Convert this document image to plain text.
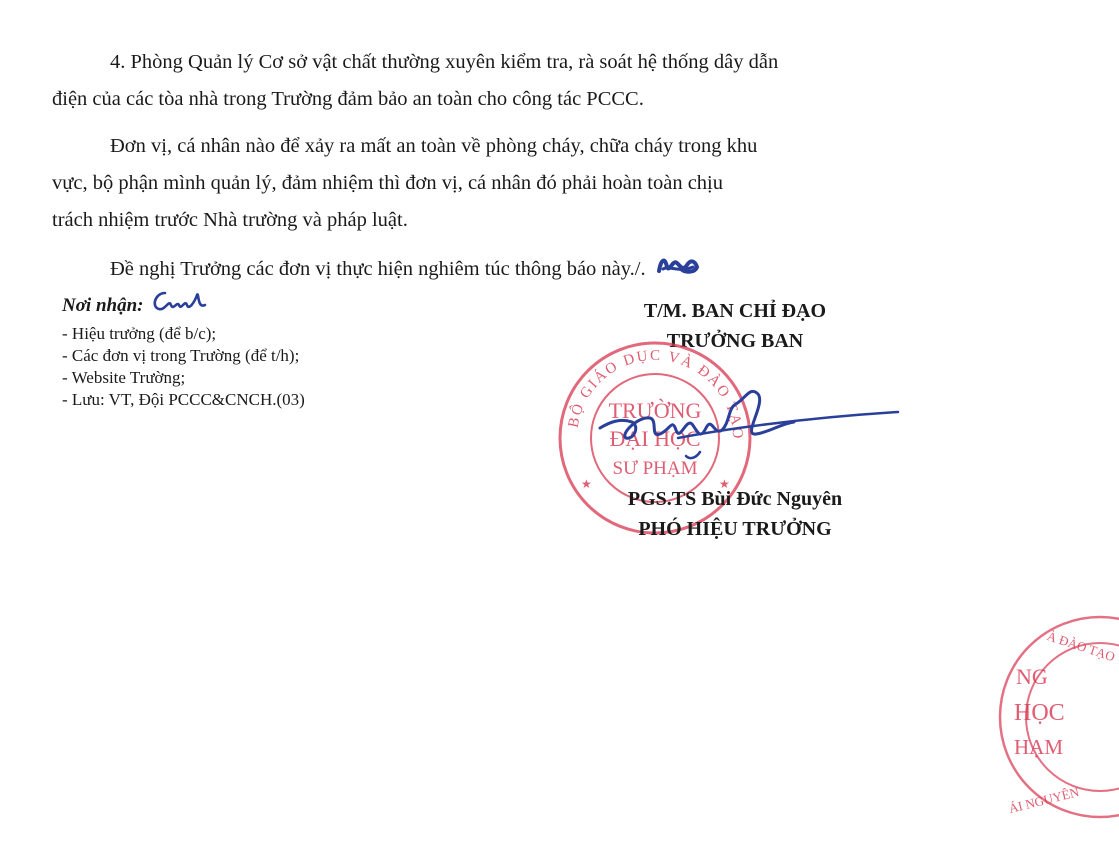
4. Phòng Quản lý Cơ sở vật chất thường xuyên kiểm tra, rà soát hệ thống dây dẫn
điện của các tòa nhà trong Trường đảm bảo an toàn cho công tác PCCC.

Đơn vị, cá nhân nào để xảy ra mất an toàn về phòng cháy, chữa cháy trong khu
vực, bộ phận mình quản lý, đảm nhiệm thì đơn vị, cá nhân đó phải hoàn toàn chịu
trách nhiệm trước Nhà trường và pháp luật.

Đề nghị Trưởng các đơn vị thực hiện nghiêm túc thông báo này./.

Nơi nhận:
- Hiệu trưởng (để b/c);
- Các đơn vị trong Trường (để t/h);
- Website Trường;
- Lưu: VT, Đội PCCC&CNCH.(03)
T/M. BAN CHỈ ĐẠO
TRƯỞNG BAN
BỘ GIÁO DỤC VÀ ĐÀO TẠO
TRƯỜNG
ĐẠI HỌC
SƯ PHẠM
★	★
PGS.TS Bùi Đức Nguyên
PHÓ HIỆU TRƯỞNG
NG
HỌC
HẠM
À ĐÀO TẠO
ÁI NGUYÊN
